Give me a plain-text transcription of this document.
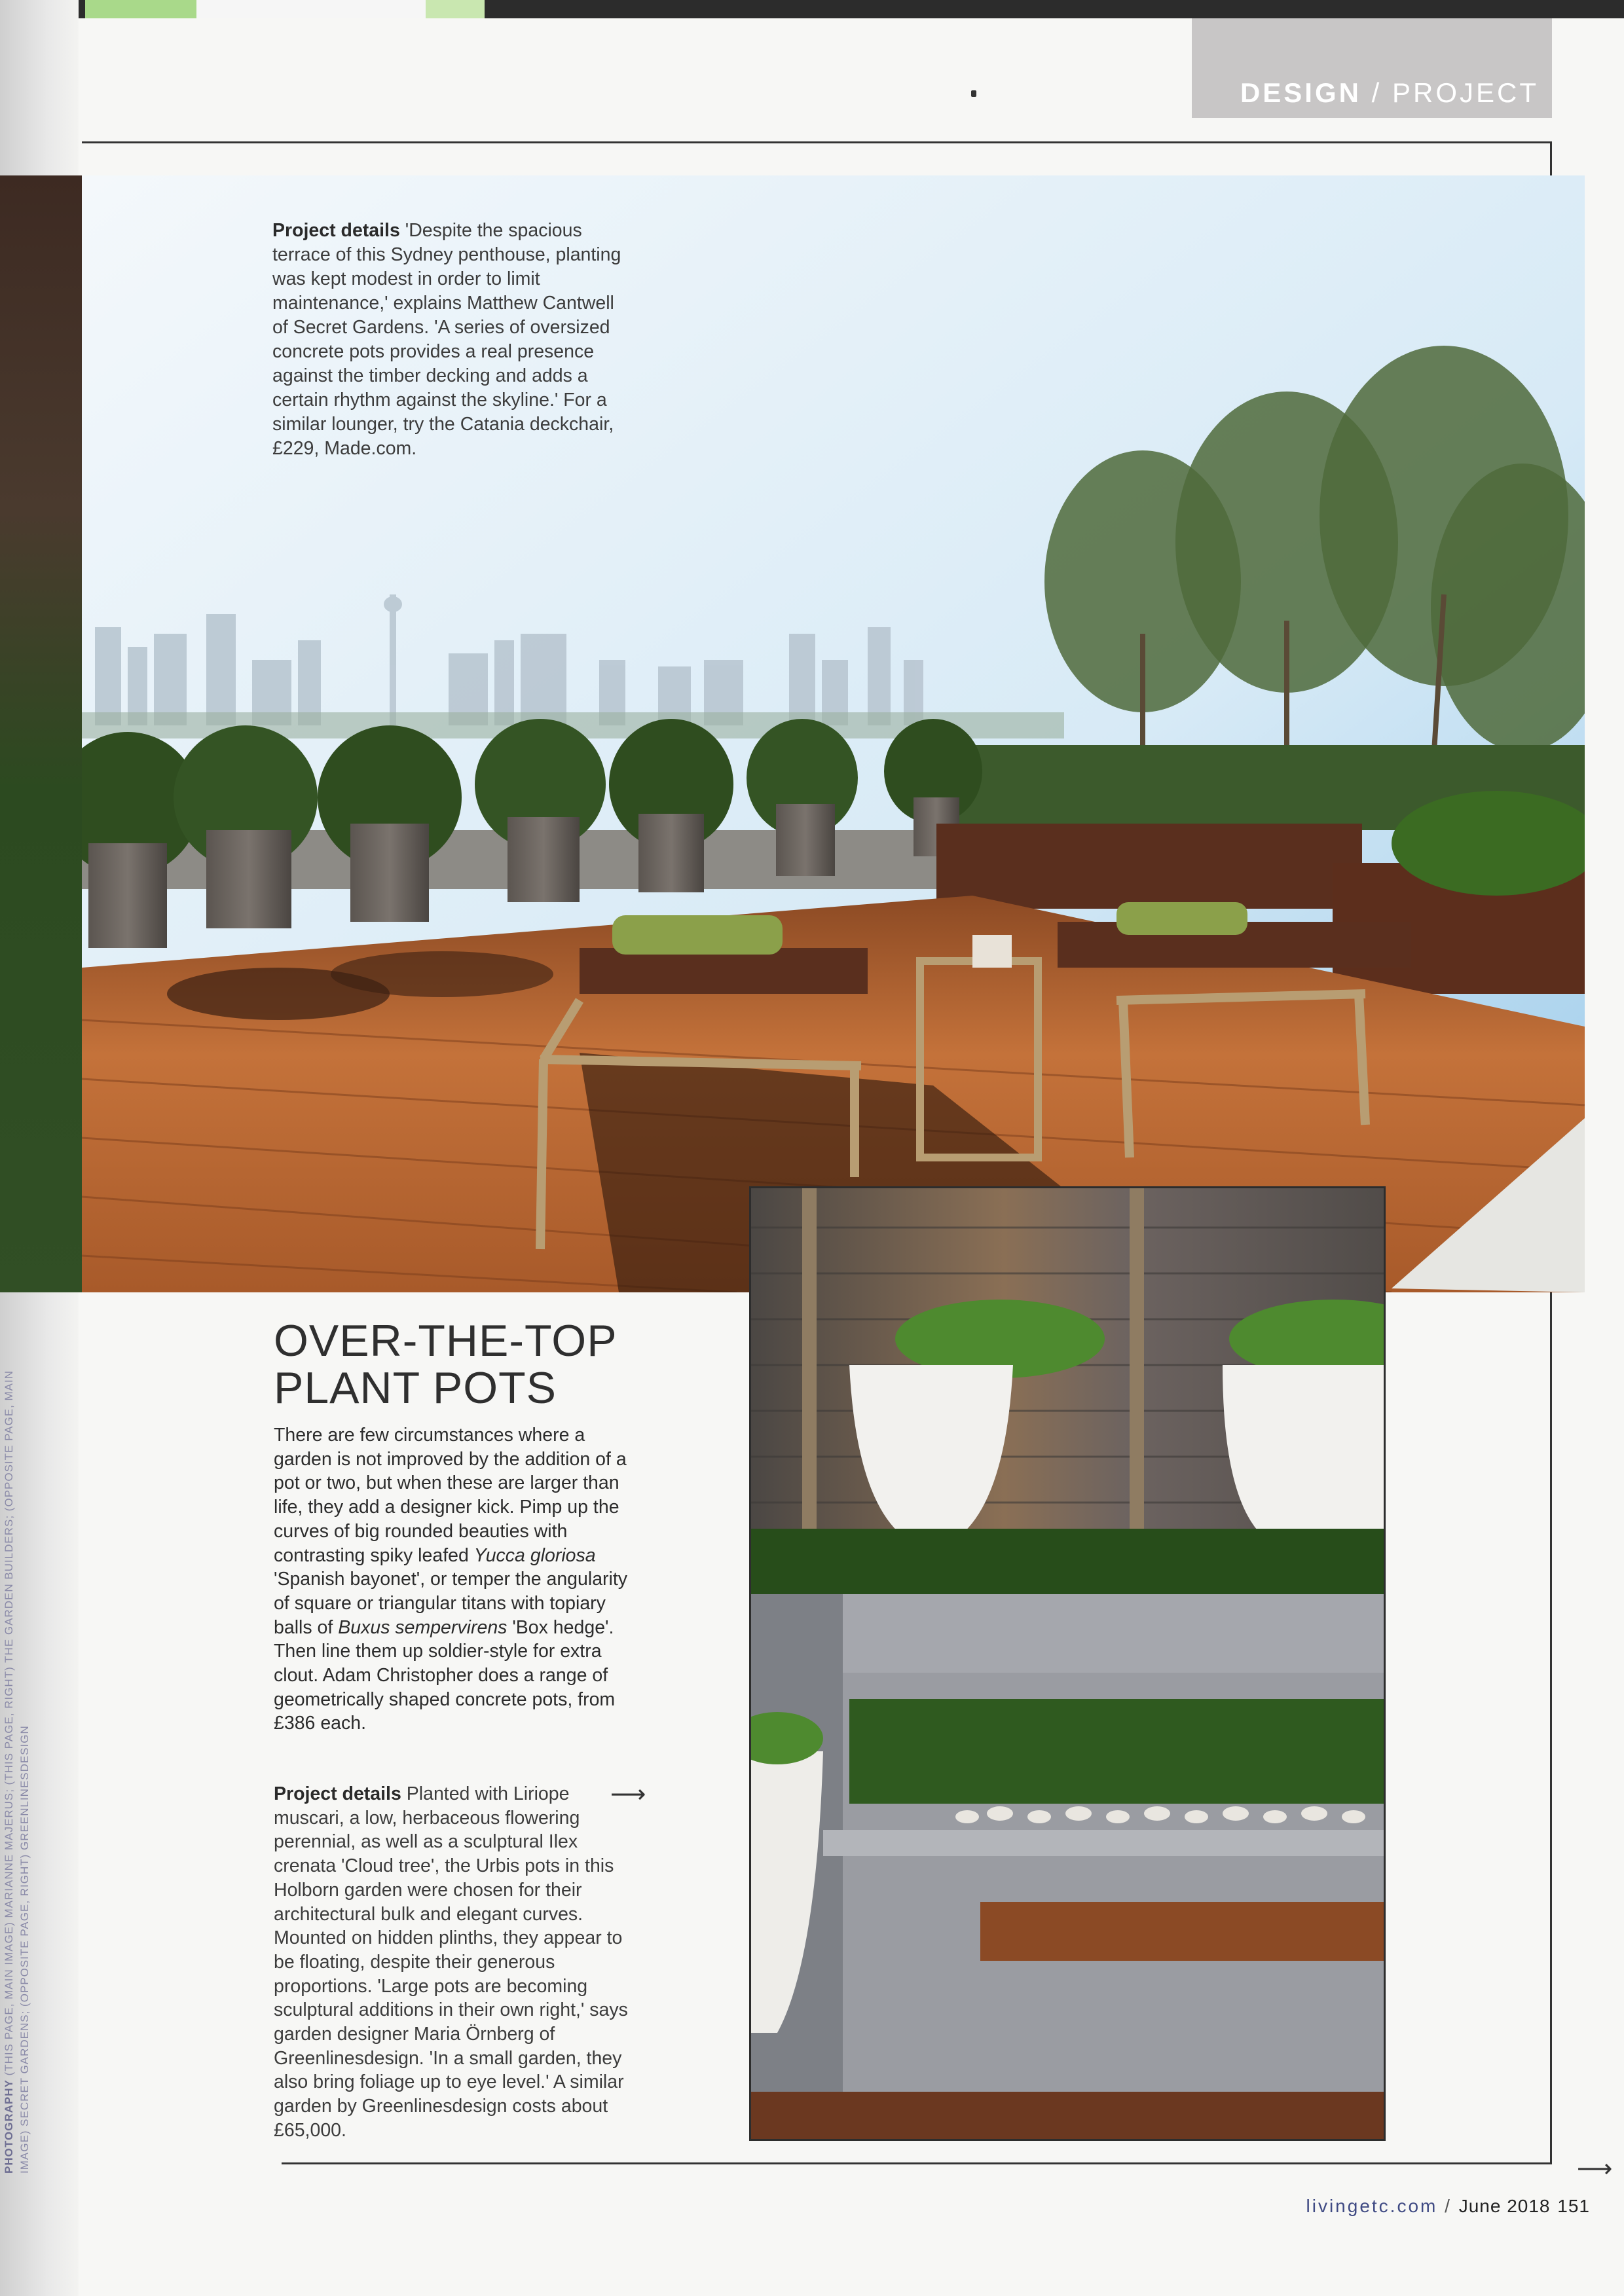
DESIGN / PROJECT
Project details 'Despite the spacious terrace of this Sydney penthouse, planting was kept modest in order to limit maintenance,' explains Matthew Cantwell of Secret Gardens. 'A series of oversized concrete pots provides a real presence against the timber decking and adds a certain rhythm against the skyline.' For a similar lounger, try the Catania deckchair, £229, Made.com.
OVER-THE-TOP
PLANT POTS
There are few circumstances where a garden is not improved by the addition of a pot or two, but when these are larger than life, they add a designer kick. Pimp up the curves of big rounded beauties with contrasting spiky leafed Yucca gloriosa 'Spanish bayonet', or temper the angularity of square or triangular titans with topiary balls of Buxus sempervirens 'Box hedge'. Then line them up soldier-style for extra clout. Adam Christopher does a range of geometrically shaped concrete pots, from £386 each.
Project details Planted with Liriope muscari, a low, herbaceous flowering perennial, as well as a sculptural Ilex crenata 'Cloud tree', the Urbis pots in this Holborn garden were chosen for their architectural bulk and elegant curves. Mounted on hidden plinths, they appear to be floating, despite their generous proportions. 'Large pots are becoming sculptural additions in their own right,' says garden designer Maria Örnberg of Greenlinesdesign. 'In a small garden, they also bring foliage up to eye level.' A similar garden by Greenlinesdesign costs about £65,000.
⟶
⟶
PHOTOGRAPHY (THIS PAGE, MAIN IMAGE) MARIANNE MAJERUS; (THIS PAGE, RIGHT) THE GARDEN BUILDERS; (OPPOSITE PAGE, MAIN IMAGE) SECRET GARDENS; (OPPOSITE PAGE, RIGHT) GREENLINESDESIGN
livingetc.com / June 2018 151
